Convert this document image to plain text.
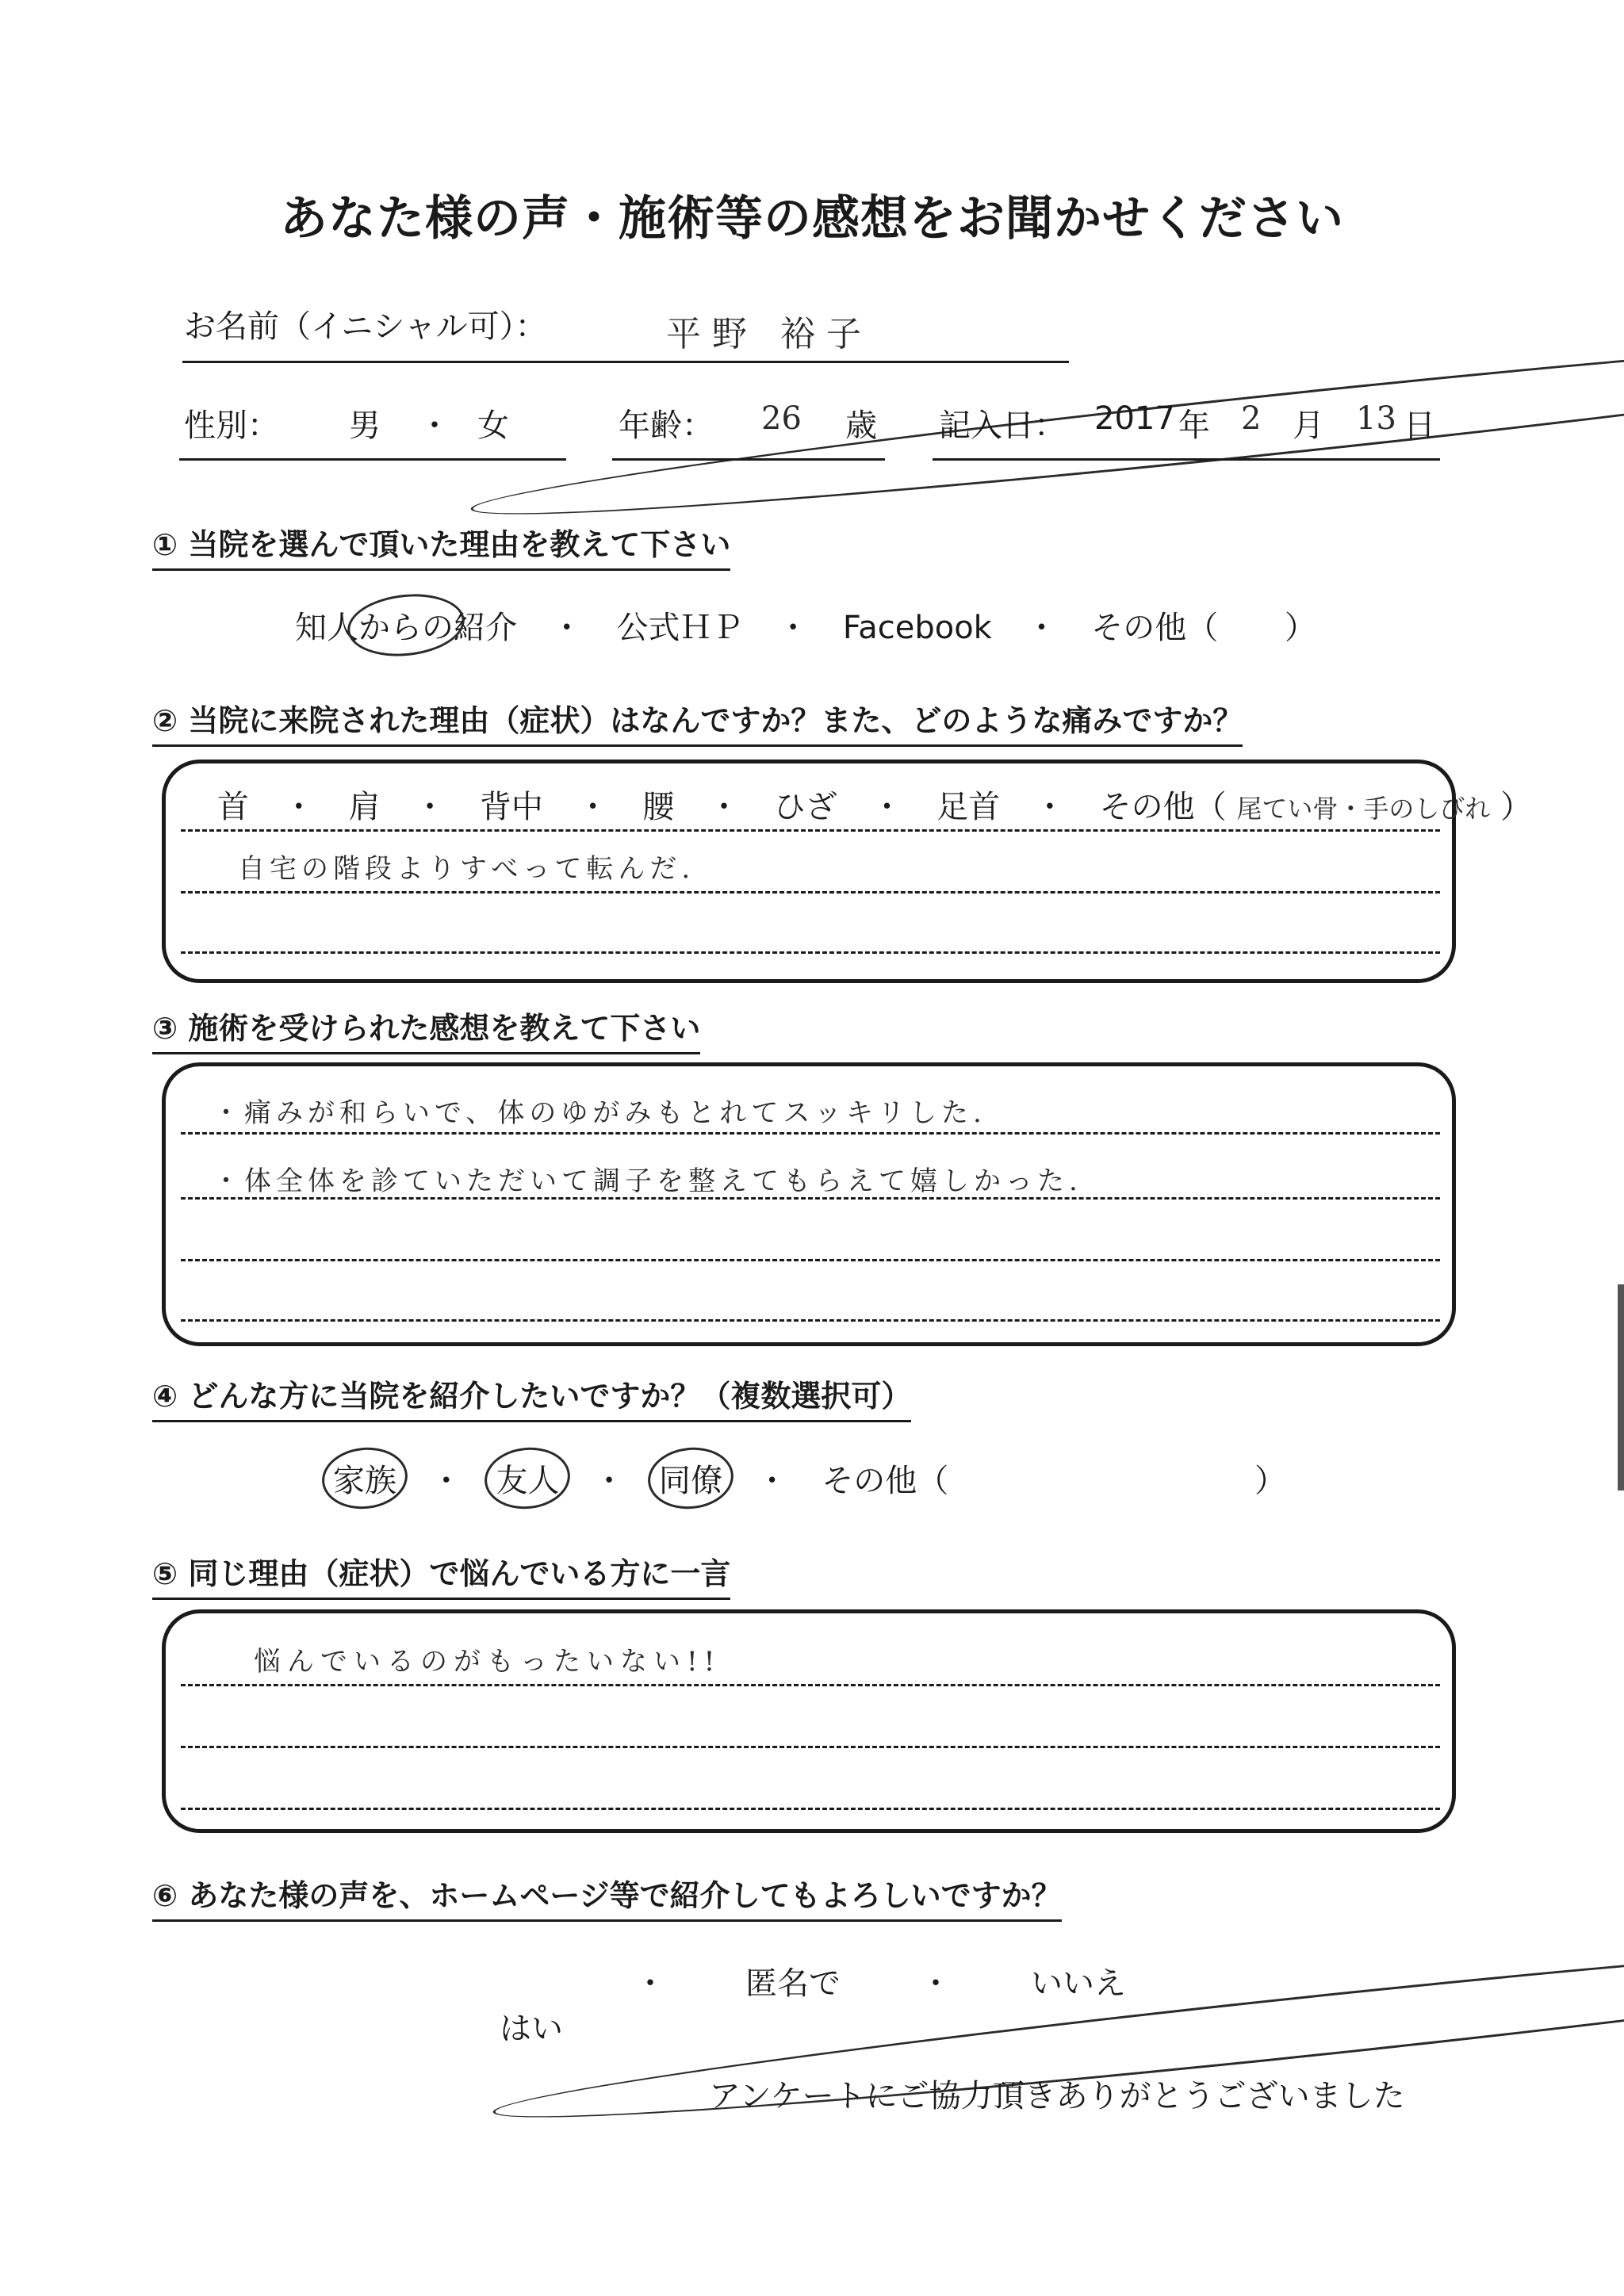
あなた様の声・施術等の感想をお聞かせください
お名前（イニシャル可）：	平野 裕子
性別： 男 ・ 女	年齢： 26 歳 記入日： 2017 年 2 月 13 日
① 当院を選んで頂いた理由を教えて下さい
知人からの紹介 ・ 公式ＨＰ ・ Facebook ・ その他（ ）
② 当院に来院された理由（症状）はなんですか？また、どのような痛みですか？
首 ・ 肩 ・ 背中 ・ 腰 ・ ひざ ・ 足首 ・ その他（ 尾てい骨・手のしびれ ）
自宅の階段よりすべって転んだ.
③ 施術を受けられた感想を教えて下さい
・痛みが和らいで、体のゆがみもとれてスッキリした.
・体全体を診ていただいて調子を整えてもらえて嬉しかった.
④ どんな方に当院を紹介したいですか？（複数選択可）
家族 ・ 友人 ・ 同僚 ・ その他（	）
⑤ 同じ理由（症状）で悩んでいる方に一言
悩んでいるのがもったいない!!
⑥ あなた様の声を、ホームページ等で紹介してもよろしいですか？
はい
・	匿名で	・	いいえ
アンケートにご協力頂きありがとうございました
